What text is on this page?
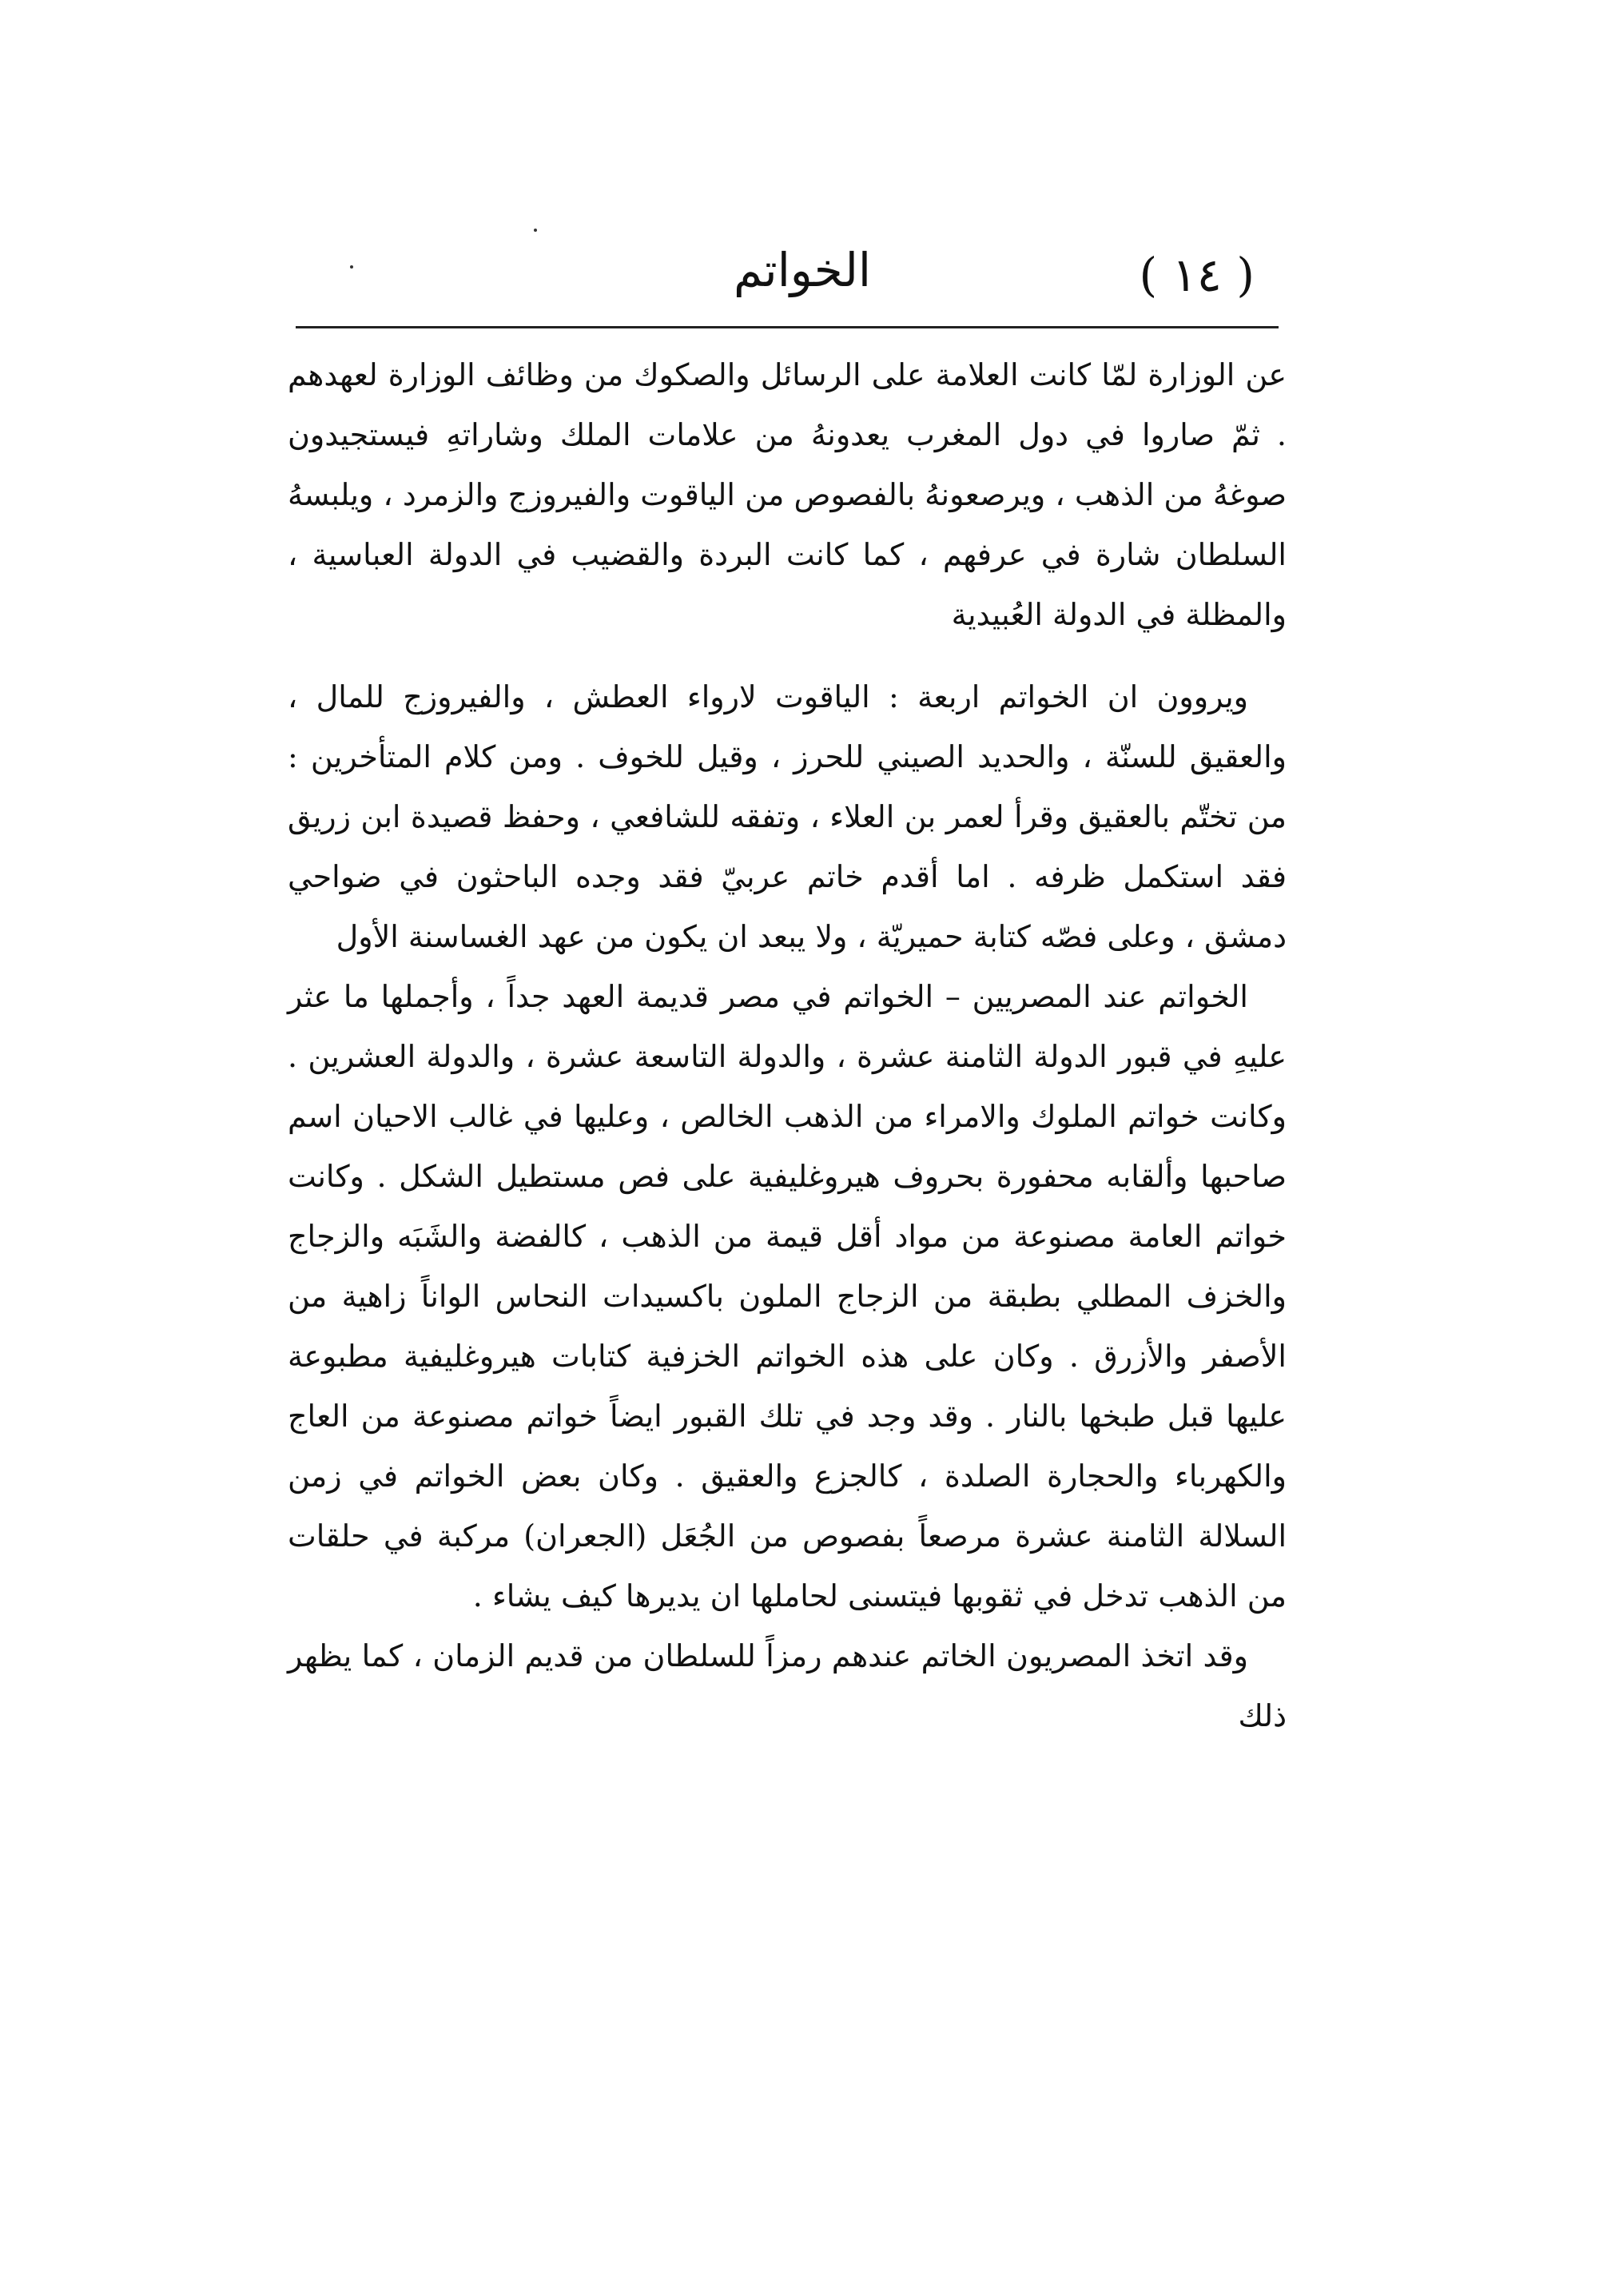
( ١٤ )
الخواتم

عن الوزارة لمّا كانت العلامة على الرسائل والصكوك من وظائف الوزارة لعهدهم . ثمّ صاروا في دول المغرب يعدونهُ من علامات الملك وشاراتهِ فيستجيدون صوغهُ من الذهب ، ويرصعونهُ بالفصوص من الياقوت والفيروزج والزمرد ، ويلبسهُ السلطان شارة في عرفهم ، كما كانت البردة والقضيب في الدولة العباسية ، والمظلة في الدولة العُبيدية

ويروون ان الخواتم اربعة : الياقوت لارواء العطش ، والفيروزج للمال ، والعقيق للسنّة ، والحديد الصيني للحرز ، وقيل للخوف . ومن كلام المتأخرين : من تختّم بالعقيق وقرأ لعمر بن العلاء ، وتفقه للشافعي ، وحفظ قصيدة ابن زريق فقد استكمل ظرفه . اما أقدم خاتم عربيّ فقد وجده الباحثون في ضواحي دمشق ، وعلى فصّه كتابة حميريّة ، ولا يبعد ان يكون من عهد الغساسنة الأول

الخواتم عند المصريين – الخواتم في مصر قديمة العهد جداً ، وأجملها ما عثر عليهِ في قبور الدولة الثامنة عشرة ، والدولة التاسعة عشرة ، والدولة العشرين . وكانت خواتم الملوك والامراء من الذهب الخالص ، وعليها في غالب الاحيان اسم صاحبها وألقابه محفورة بحروف هيروغليفية على فص مستطيل الشكل . وكانت خواتم العامة مصنوعة من مواد أقل قيمة من الذهب ، كالفضة والشَبَه والزجاج والخزف المطلي بطبقة من الزجاج الملون باكسيدات النحاس الواناً زاهية من الأصفر والأزرق . وكان على هذه الخواتم الخزفية كتابات هيروغليفية مطبوعة عليها قبل طبخها بالنار . وقد وجد في تلك القبور ايضاً خواتم مصنوعة من العاج والكهرباء والحجارة الصلدة ، كالجزع والعقيق . وكان بعض الخواتم في زمن السلالة الثامنة عشرة مرصعاً بفصوص من الجُعَل (الجعران) مركبة في حلقات من الذهب تدخل في ثقوبها فيتسنى لحاملها ان يديرها كيف يشاء .

وقد اتخذ المصريون الخاتم عندهم رمزاً للسلطان من قديم الزمان ، كما يظهر ذلك
